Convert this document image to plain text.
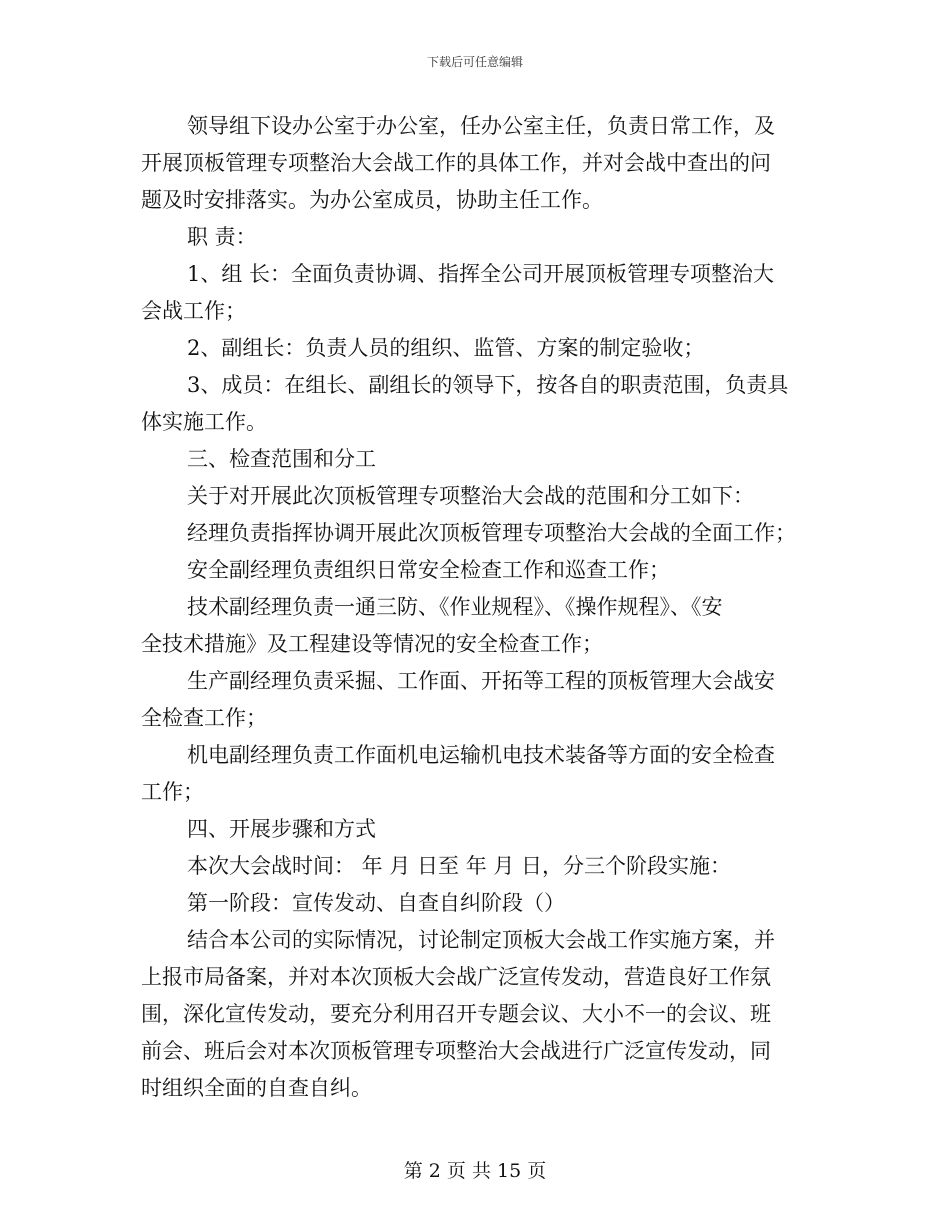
下载后可任意编辑

领导组下设办公室于办公室，任办公室主任，负责日常工作，及
开展顶板管理专项整治大会战工作的具体工作，并对会战中查出的问
题及时安排落实。为办公室成员，协助主任工作。

职 责：

1、组 长：全面负责协调、指挥全公司开展顶板管理专项整治大
会战工作；

2、副组长：负责人员的组织、监管、方案的制定验收；

3、成员：在组长、副组长的领导下，按各自的职责范围，负责具
体实施工作。

三、检查范围和分工

关于对开展此次顶板管理专项整治大会战的范围和分工如下：

经理负责指挥协调开展此次顶板管理专项整治大会战的全面工作；

安全副经理负责组织日常安全检查工作和巡查工作；

技术副经理负责一通三防、《作业规程》、《操作规程》、《安
全技术措施》及工程建设等情况的安全检查工作；

生产副经理负责采掘、工作面、开拓等工程的顶板管理大会战安
全检查工作；

机电副经理负责工作面机电运输机电技术装备等方面的安全检查
工作；

四、开展步骤和方式

本次大会战时间： 年 月 日至 年 月 日，分三个阶段实施：

第一阶段：宣传发动、自查自纠阶段（）

结合本公司的实际情况，讨论制定顶板大会战工作实施方案，并
上报市局备案，并对本次顶板大会战广泛宣传发动，营造良好工作氛
围，深化宣传发动，要充分利用召开专题会议、大小不一的会议、班
前会、班后会对本次顶板管理专项整治大会战进行广泛宣传发动，同
时组织全面的自查自纠。

第 2 页 共 15 页
